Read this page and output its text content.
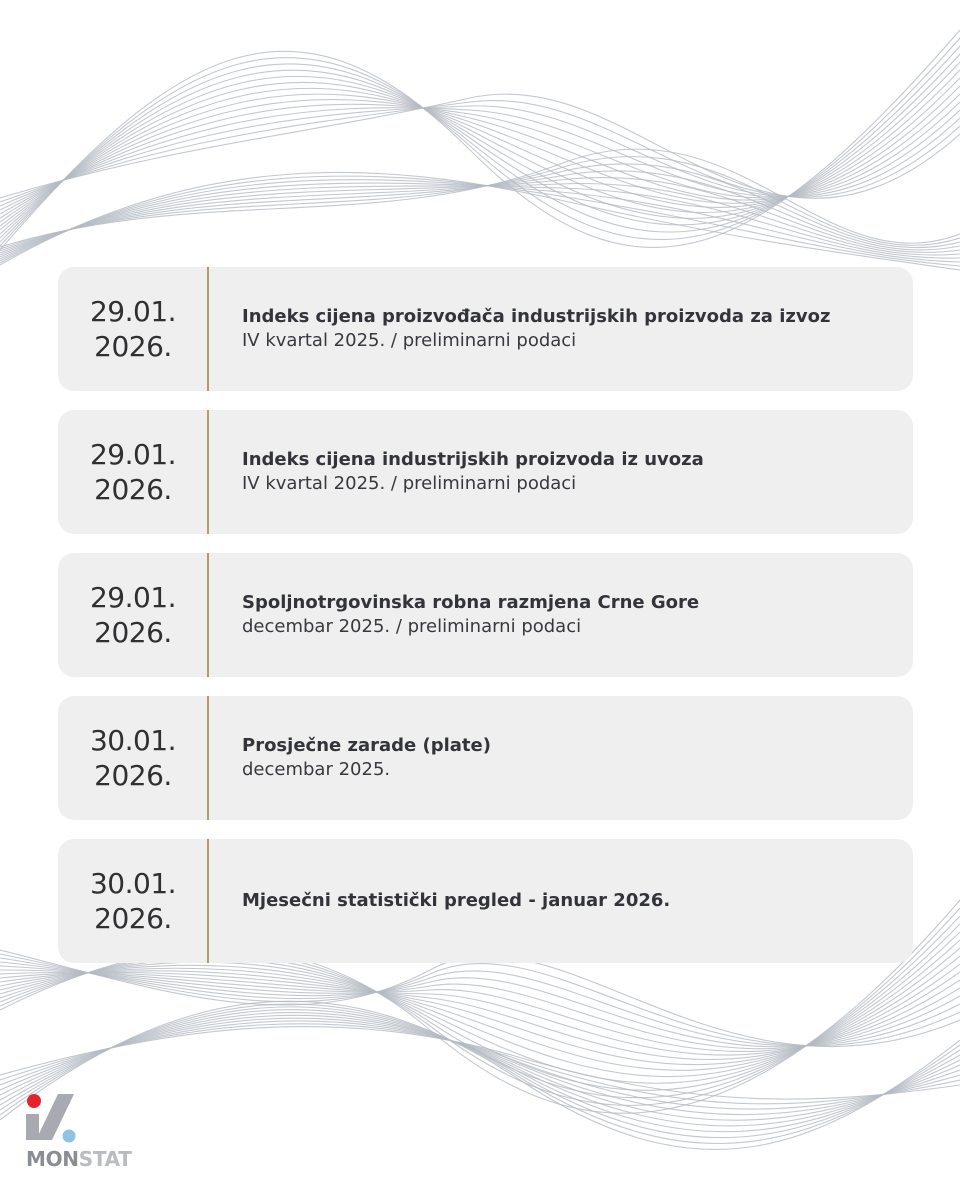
29.01.
2026.
Indeks cijena proizvođača industrijskih proizvoda za izvoz
IV kvartal 2025. / preliminarni podaci
29.01.
2026.
Indeks cijena industrijskih proizvoda iz uvoza
IV kvartal 2025. / preliminarni podaci
29.01.
2026.
Spoljnotrgovinska robna razmjena Crne Gore
decembar 2025. / preliminarni podaci
30.01.
2026.
Prosječne zarade (plate)
decembar 2025.
30.01.
2026.
Mjesečni statistički pregled - januar 2026.
MONSTAT
